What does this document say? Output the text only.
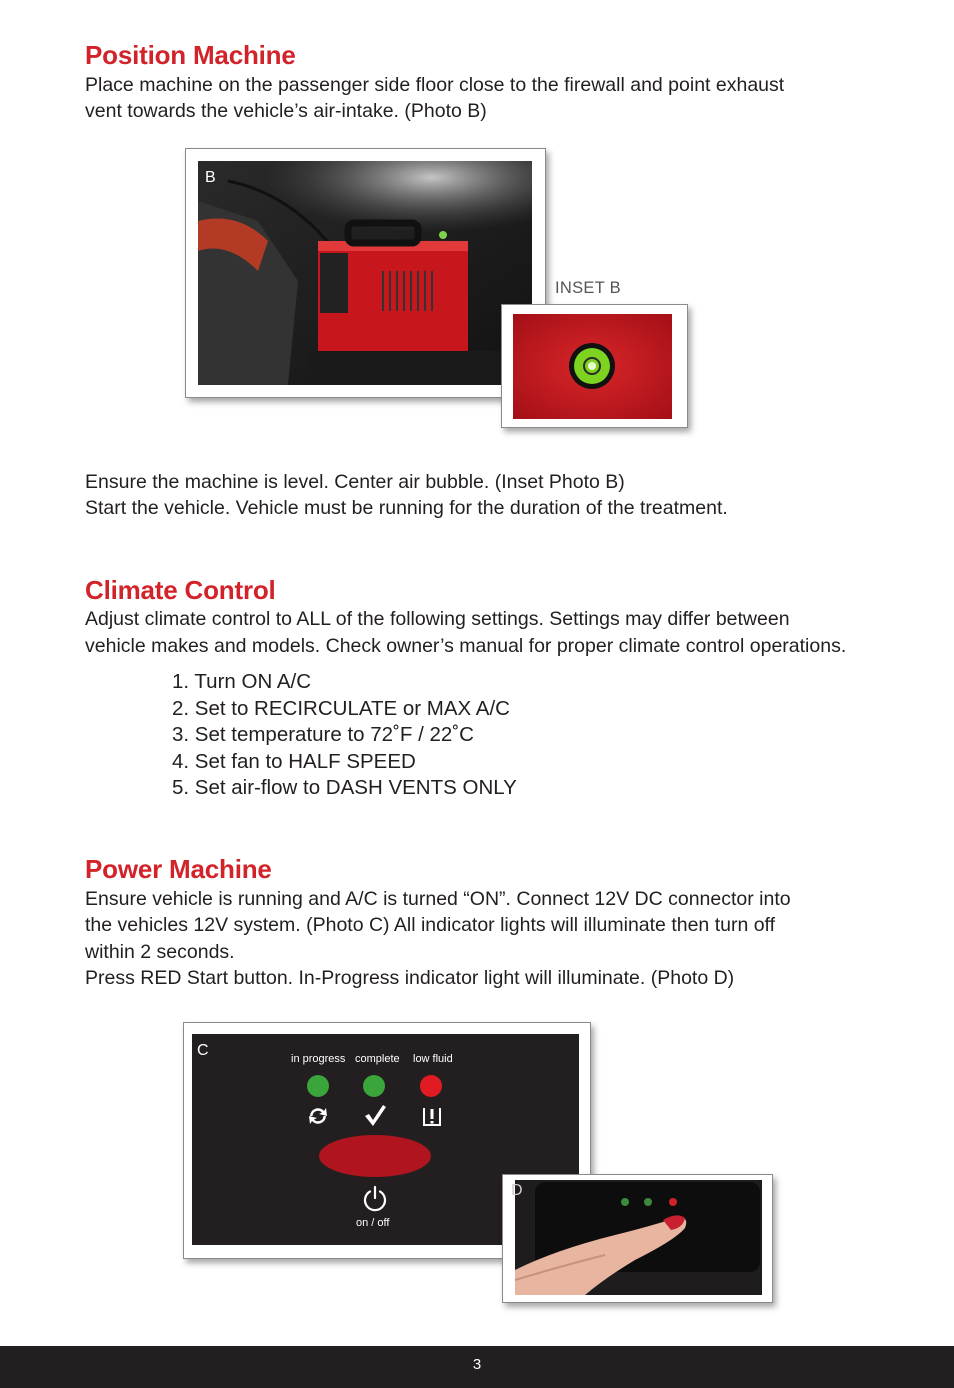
Position Machine

Place machine on the passenger side floor close to the firewall and point exhaust

vent towards the vehicle’s air-intake. (Photo B)

B
INSET B

Ensure the machine is level. Center air bubble. (Inset Photo B)

Start the vehicle. Vehicle must be running for the duration of the treatment.

Climate Control

Adjust climate control to ALL of the following settings. Settings may differ between

vehicle makes and models. Check owner’s manual for proper climate control operations.

1. Turn ON A/C
2. Set to RECIRCULATE or MAX A/C
3. Set temperature to 72˚F / 22˚C
4. Set fan to HALF SPEED
5. Set air-flow to DASH VENTS ONLY
Power Machine

Ensure vehicle is running and A/C is turned “ON”. Connect 12V DC connector into

the vehicles 12V system. (Photo C) All indicator lights will illuminate then turn off

within 2 seconds.

Press RED Start button. In-Progress indicator light will illuminate. (Photo D)

C	in progress complete low fluid
on / off
D
3
